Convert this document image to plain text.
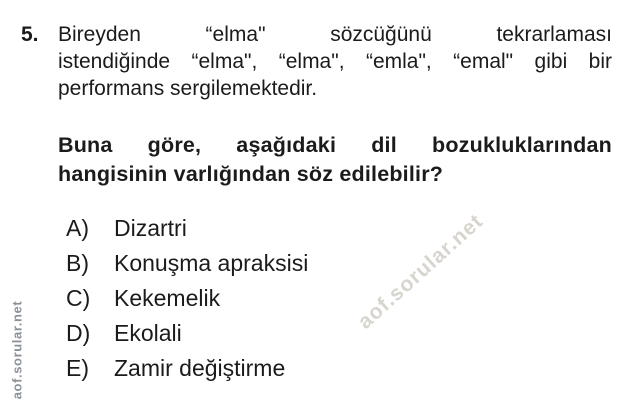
aof.sorular.net
aof.sorular.net
5. Bireyden “elma" sözcüğünü tekrarlaması
istendiğinde “elma", “elma", “emla", “emal" gibi bir
performans sergilemektedir.
Buna göre, aşağıdaki dil bozukluklarından
hangisinin varlığından söz edilebilir?
A) Dizartri
B) Konuşma apraksisi
C) Kekemelik
D) Ekolali
E) Zamir değiştirme
